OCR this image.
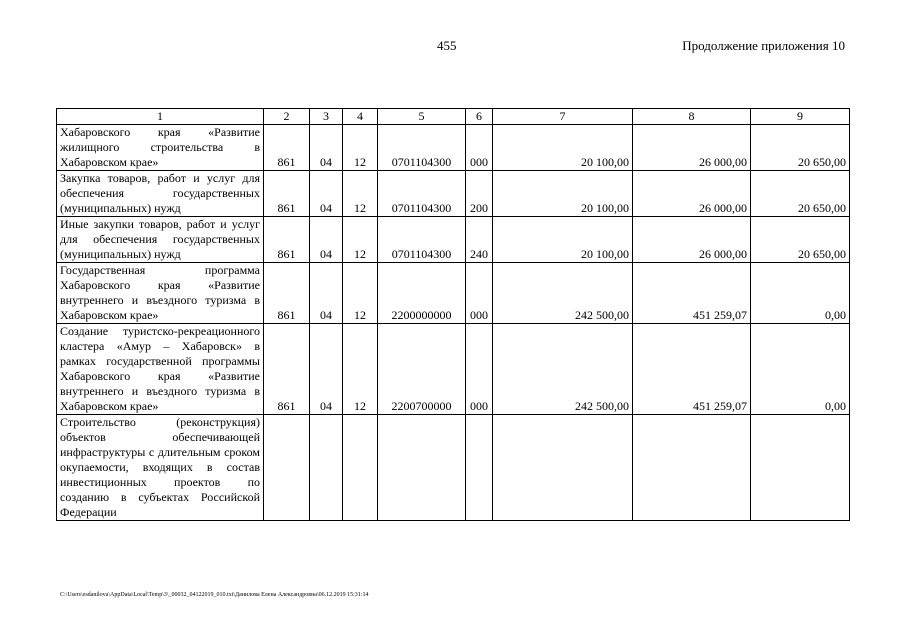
455	Продолжение приложения 10
1	2	3	4	5	6	7	8	9
Хабаровского края «Развитие жилищного строительства в Хабаровском крае»	861	04	12	0701104300	000	20 100,00	26 000,00	20 650,00
Закупка товаров, работ и услуг для обеспечения государственных (муниципальных) нужд	861	04	12	0701104300	200	20 100,00	26 000,00	20 650,00
Иные закупки товаров, работ и услуг для обеспечения государственных (муниципальных) нужд	861	04	12	0701104300	240	20 100,00	26 000,00	20 650,00
Государственная программа Хабаровского края «Развитие внутреннего и въездного туризма в Хабаровском крае»	861	04	12	2200000000	000	242 500,00	451 259,07	0,00
Создание туристско-рекреационного кластера «Амур – Хабаровск» в рамках государственной программы Хабаровского края «Развитие внутреннего и въездного туризма в Хабаровском крае»	861	04	12	2200700000	000	242 500,00	451 259,07	0,00
Строительство (реконструкция) объектов обеспечивающей инфраструктуры с длительным сроком окупаемости, входящих в состав инвестиционных проектов по созданию в субъектах Российской Федерации								
C:\Users\esdanilova\AppData\Local\Temp\3\_00032_04122019_010.txt\Данилова Елена Александровна\06.12.2019 15:31:14
